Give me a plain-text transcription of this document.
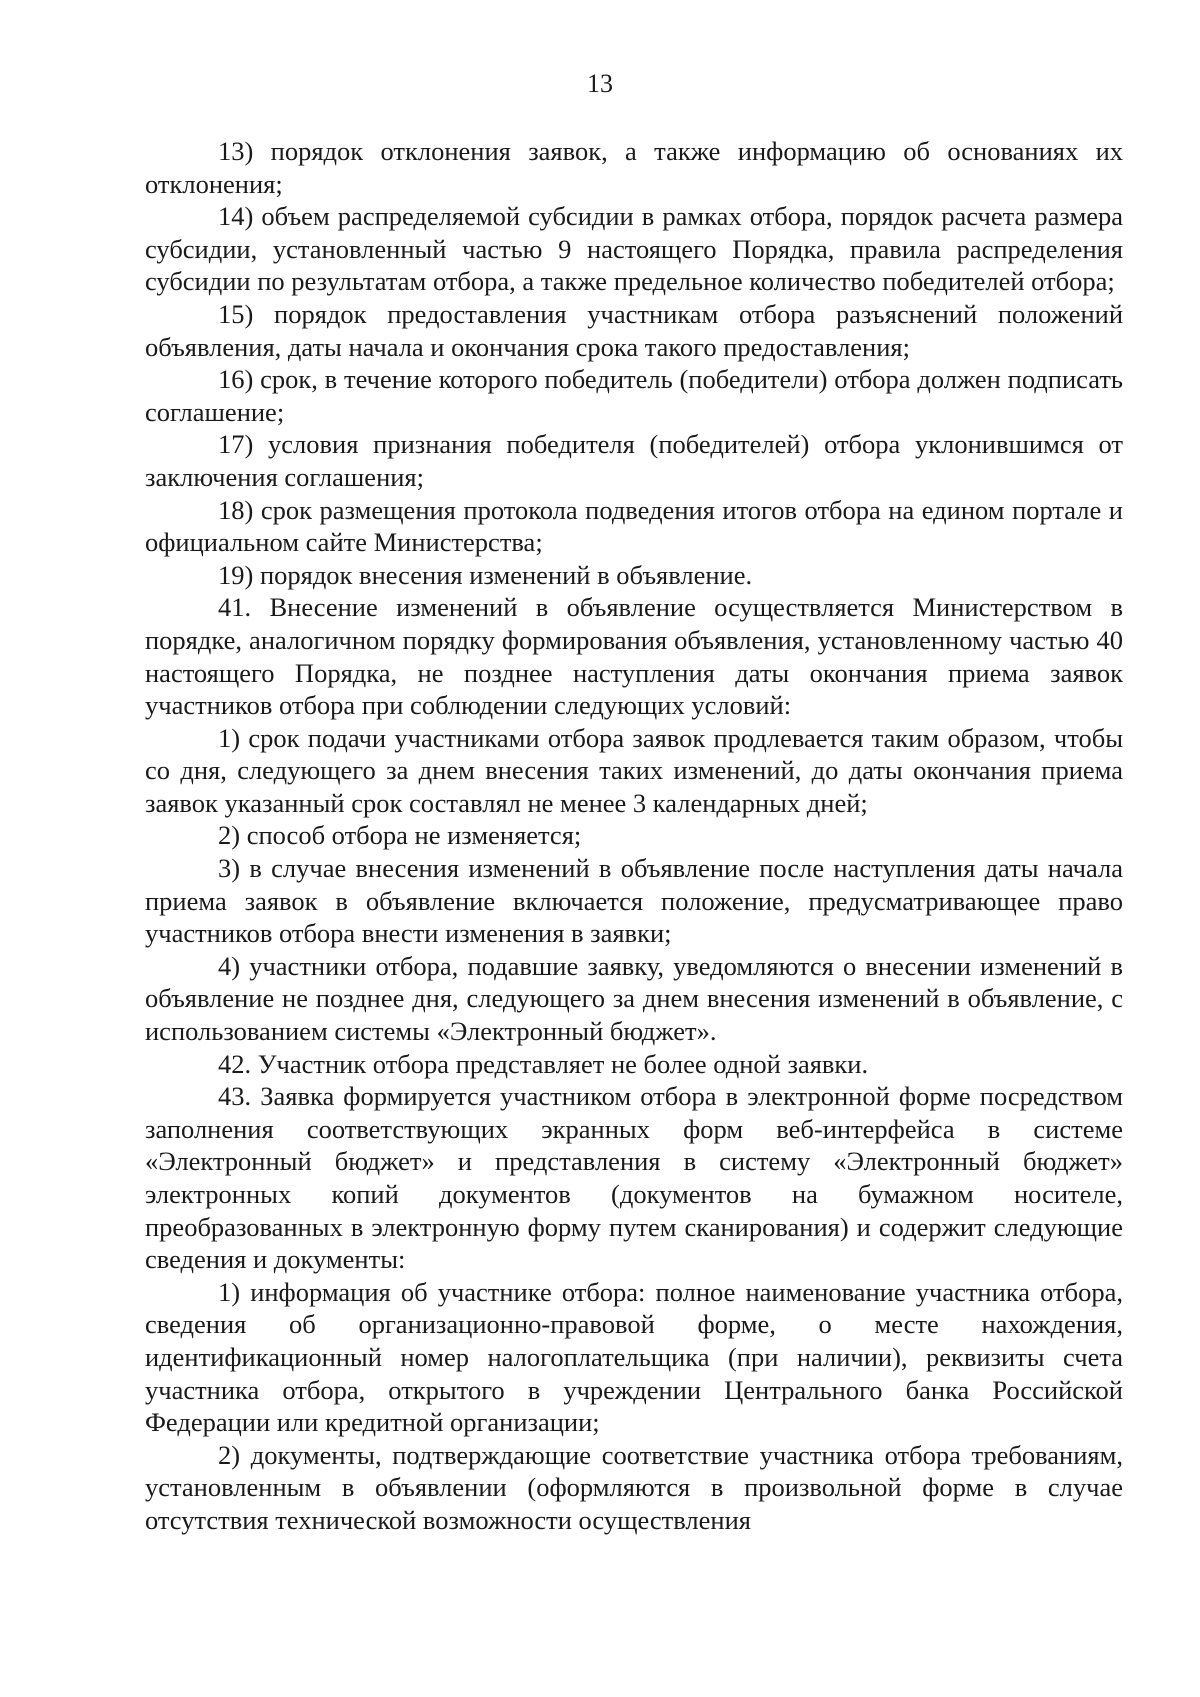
13

13) порядок отклонения заявок, а также информацию об основаниях их отклонения;

14) объем распределяемой субсидии в рамках отбора, порядок расчета размера субсидии, установленный частью 9 настоящего Порядка, правила распределения субсидии по результатам отбора, а также предельное количество победителей отбора;

15) порядок предоставления участникам отбора разъяснений положений объявления, даты начала и окончания срока такого предоставления;

16) срок, в течение которого победитель (победители) отбора должен подписать соглашение;

17) условия признания победителя (победителей) отбора уклонившимся от заключения соглашения;

18) срок размещения протокола подведения итогов отбора на едином портале и официальном сайте Министерства;

19) порядок внесения изменений в объявление.

41. Внесение изменений в объявление осуществляется Министерством в порядке, аналогичном порядку формирования объявления, установленному частью 40 настоящего Порядка, не позднее наступления даты окончания приема заявок участников отбора при соблюдении следующих условий:

1) срок подачи участниками отбора заявок продлевается таким образом, чтобы со дня, следующего за днем внесения таких изменений, до даты окончания приема заявок указанный срок составлял не менее 3 календарных дней;

2) способ отбора не изменяется;

3) в случае внесения изменений в объявление после наступления даты начала приема заявок в объявление включается положение, предусматривающее право участников отбора внести изменения в заявки;

4) участники отбора, подавшие заявку, уведомляются о внесении изменений в объявление не позднее дня, следующего за днем внесения изменений в объявление, с использованием системы «Электронный бюджет».

42. Участник отбора представляет не более одной заявки.

43. Заявка формируется участником отбора в электронной форме посредством заполнения соответствующих экранных форм веб-интерфейса в системе «Электронный бюджет» и представления в систему «Электронный бюджет» электронных копий документов (документов на бумажном носителе, преобразованных в электронную форму путем сканирования) и содержит следующие сведения и документы:

1) информация об участнике отбора: полное наименование участника отбора, сведения об организационно-правовой форме, о месте нахождения, идентификационный номер налогоплательщика (при наличии), реквизиты счета участника отбора, открытого в учреждении Центрального банка Российской Федерации или кредитной организации;

2) документы, подтверждающие соответствие участника отбора требованиям, установленным в объявлении (оформляются в произвольной форме в случае отсутствия технической возможности осуществления
